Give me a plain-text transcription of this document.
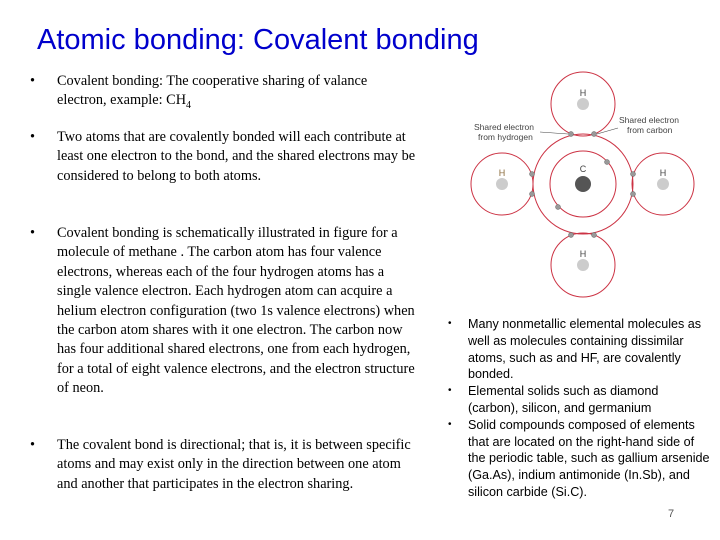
Atomic bonding: Covalent bonding
• Covalent bonding: The cooperative sharing of valance electron, example: $CH_4$
• Two atoms that are covalently bonded will each contribute at least one electron to the bond, and the shared electrons may be considered to belong to both atoms.
• Covalent bonding is schematically illustrated in figure for a molecule of methane . The carbon atom has four valence electrons, whereas each of the four hydrogen atoms has a single valence electron. Each hydrogen atom can acquire a helium electron configuration (two 1s valence electrons) when the carbon atom shares with it one electron. The carbon now has four additional shared electrons, one from each hydrogen, for a total of eight valence electrons, and the electron structure of neon.
• The covalent bond is directional; that is, it is between specific atoms and may exist only in the direction between one atom and another that participates in the electron sharing.
H
H	H
H
C
Shared electron
from hydrogen
Shared electron
from carbon
• Many nonmetallic elemental molecules as well as molecules containing dissimilar atoms, such as and HF, are covalently bonded.
• Elemental solids such as diamond (carbon), silicon, and germanium
• Solid compounds composed of elements that are located on the right-hand side of the periodic table, such as gallium arsenide (Ga.As), indium antimonide (In.Sb), and silicon carbide (Si.C).
7
